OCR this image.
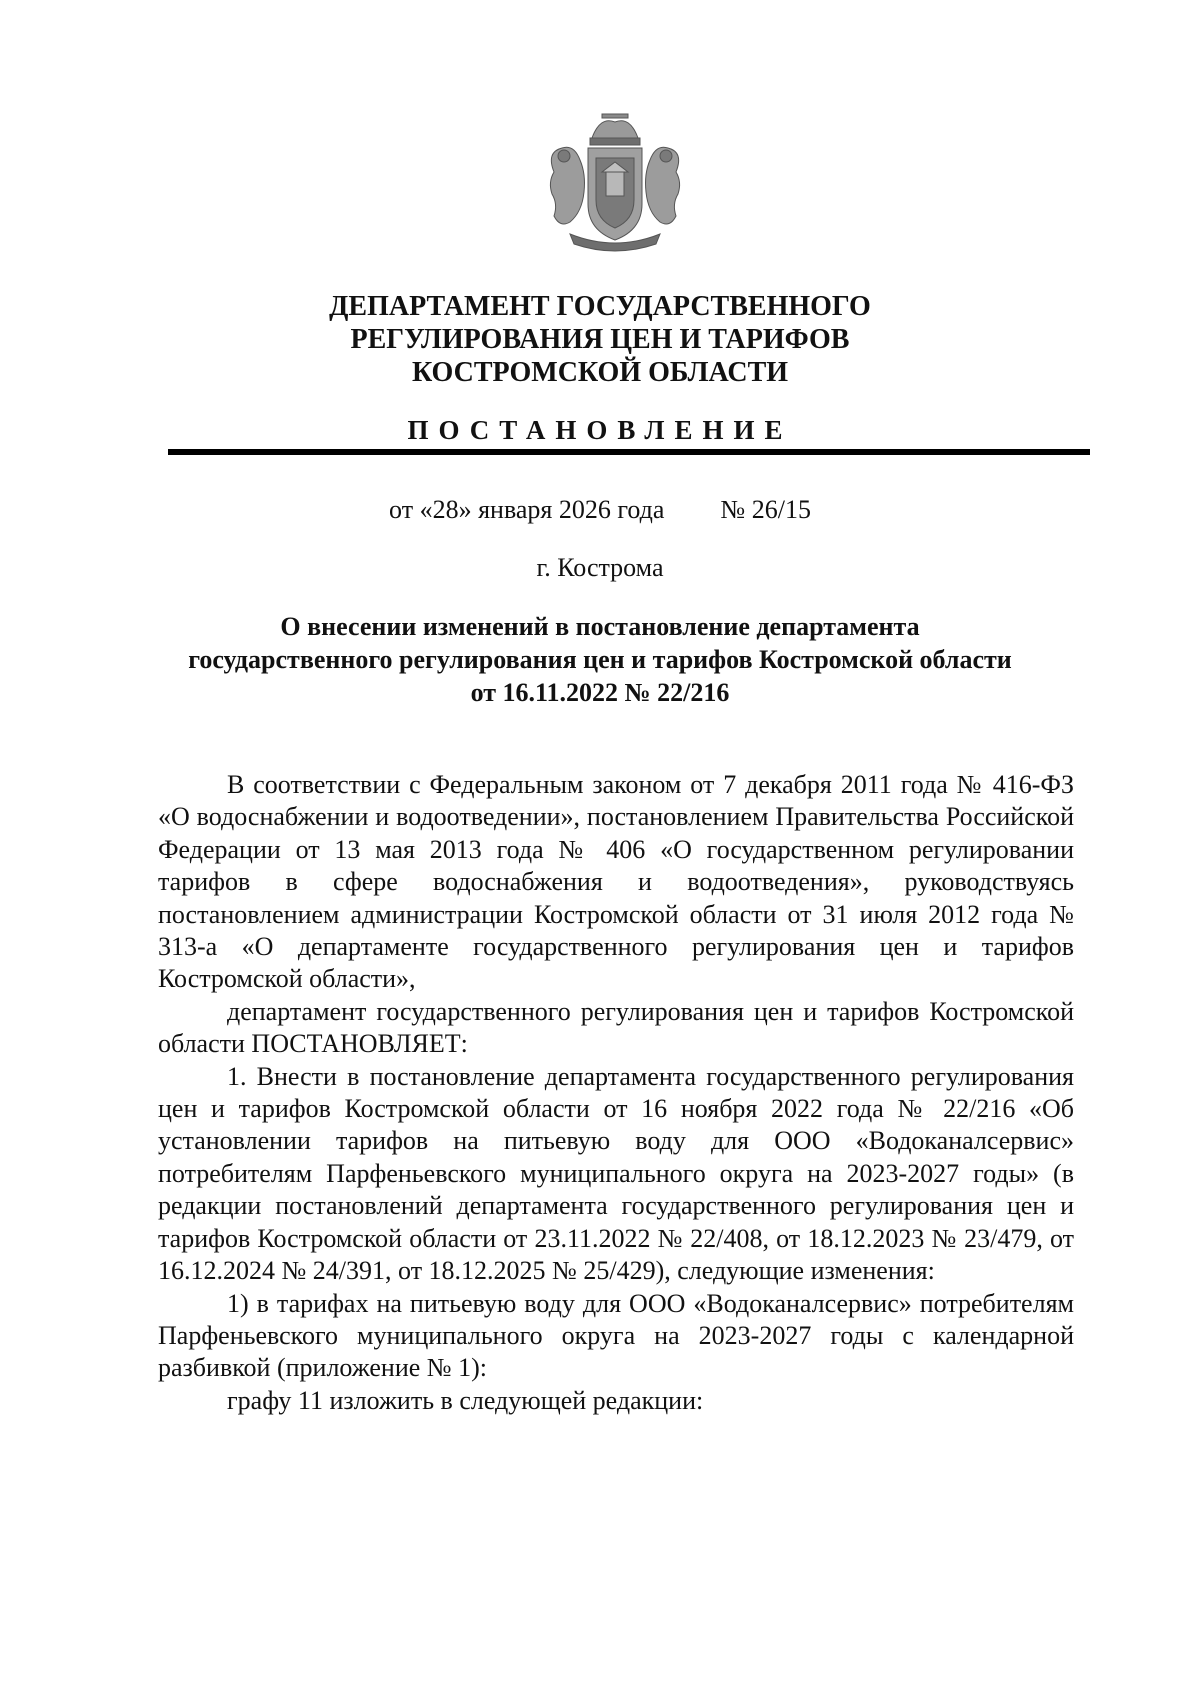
ДЕПАРТАМЕНТ ГОСУДАРСТВЕННОГО
РЕГУЛИРОВАНИЯ ЦЕН И ТАРИФОВ
КОСТРОМСКОЙ ОБЛАСТИ
ПОСТАНОВЛЕНИЕ
от «28» января 2026 года № 26/15
г. Кострома
О внесении изменений в постановление департамента
государственного регулирования цен и тарифов Костромской области
от 16.11.2022 № 22/216

В соответствии с Федеральным законом от 7 декабря 2011 года № 416-ФЗ «О водоснабжении и водоотведении», постановлением Правительства Российской Федерации от 13 мая 2013 года № 406 «О государственном регулировании тарифов в сфере водоснабжения и водоотведения», руководствуясь постановлением администрации Костромской области от 31 июля 2012 года № 313-а «О департаменте государственного регулирования цен и тарифов Костромской области»,

департамент государственного регулирования цен и тарифов Костромской области ПОСТАНОВЛЯЕТ:

1. Внести в постановление департамента государственного регулирования цен и тарифов Костромской области от 16 ноября 2022 года № 22/216 «Об установлении тарифов на питьевую воду для ООО «Водоканалсервис» потребителям Парфеньевского муниципального округа на 2023-2027 годы» (в редакции постановлений департамента государственного регулирования цен и тарифов Костромской области от 23.11.2022 № 22/408, от 18.12.2023 № 23/479, от 16.12.2024 № 24/391, от 18.12.2025 № 25/429), следующие изменения:

1) в тарифах на питьевую воду для ООО «Водоканалсервис» потребителям Парфеньевского муниципального округа на 2023-2027 годы с календарной разбивкой (приложение № 1):

графу 11 изложить в следующей редакции:
